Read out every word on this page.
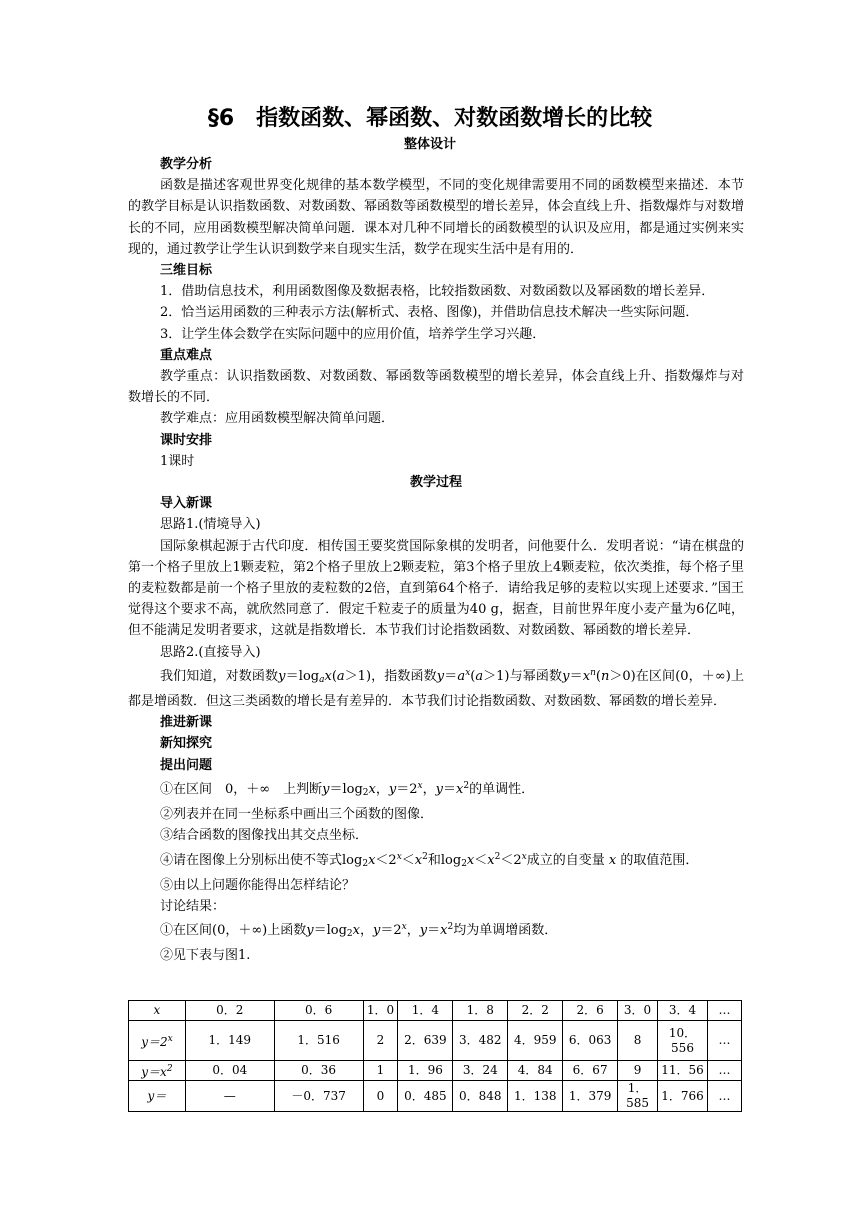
§6　指数函数、幂函数、对数函数增长的比较
整体设计

教学分析

函数是描述客观世界变化规律的基本数学模型，不同的变化规律需要用不同的函数模型来描述．本节的教学目标是认识指数函数、对数函数、幂函数等函数模型的增长差异，体会直线上升、指数爆炸与对数增长的不同，应用函数模型解决简单问题．课本对几种不同增长的函数模型的认识及应用，都是通过实例来实现的，通过教学让学生认识到数学来自现实生活，数学在现实生活中是有用的．

三维目标

1．借助信息技术，利用函数图像及数据表格，比较指数函数、对数函数以及幂函数的增长差异．

2．恰当运用函数的三种表示方法(解析式、表格、图像)，并借助信息技术解决一些实际问题．

3．让学生体会数学在实际问题中的应用价值，培养学生学习兴趣．

重点难点

教学重点：认识指数函数、对数函数、幂函数等函数模型的增长差异，体会直线上升、指数爆炸与对数增长的不同．

教学难点：应用函数模型解决简单问题．

课时安排

1课时

教学过程

导入新课

思路1.(情境导入)

国际象棋起源于古代印度．相传国王要奖赏国际象棋的发明者，问他要什么．发明者说：“请在棋盘的第一个格子里放上1颗麦粒，第2个格子里放上2颗麦粒，第3个格子里放上4颗麦粒，依次类推，每个格子里的麦粒数都是前一个格子里放的麦粒数的2倍，直到第64个格子．请给我足够的麦粒以实现上述要求．”国王觉得这个要求不高，就欣然同意了．假定千粒麦子的质量为40 g，据查，目前世界年度小麦产量为6亿吨，但不能满足发明者要求，这就是指数增长．本节我们讨论指数函数、对数函数、幂函数的增长差异．

思路2.(直接导入)

我们知道，对数函数$y=\log_ax(a>1)$，指数函数$y=a^x(a>1)$与幂函数$y=x^n(n>0)$在区间(0，＋∞)上都是增函数．但这三类函数的增长是有差异的．本节我们讨论指数函数、对数函数、幂函数的增长差异．

推进新课

新知探究

提出问题

①在区间　0，＋∞　上判断$y=\log_2x$，$y=2^x$，$y=x^2$的单调性．

②列表并在同一坐标系中画出三个函数的图像．

③结合函数的图像找出其交点坐标．

④请在图像上分别标出使不等式$\log_2x<2^x<x^2$和$\log_2x<x^2<2^x$成立的自变量 x 的取值范围．

⑤由以上问题你能得出怎样结论？

讨论结果：

①在区间(0，＋∞)上函数$y=\log_2x$，$y=2^x$，$y=x^2$均为单调增函数．

②见下表与图1.

x	0．2	0．6	1．0	1．4	1．8	2．2	2．6	3．0	3．4	…
$y=2^x$	1．149	1．516	2	2．639	3．482	4．959	6．063	8	10．556	…
$y=x^2$	0．04	0．36	1	1．96	3．24	4．84	6．67	9	11．56	…
y＝	—	－0．737	0	0．485	0．848	1．138	1．379	1．585	1．766	…
